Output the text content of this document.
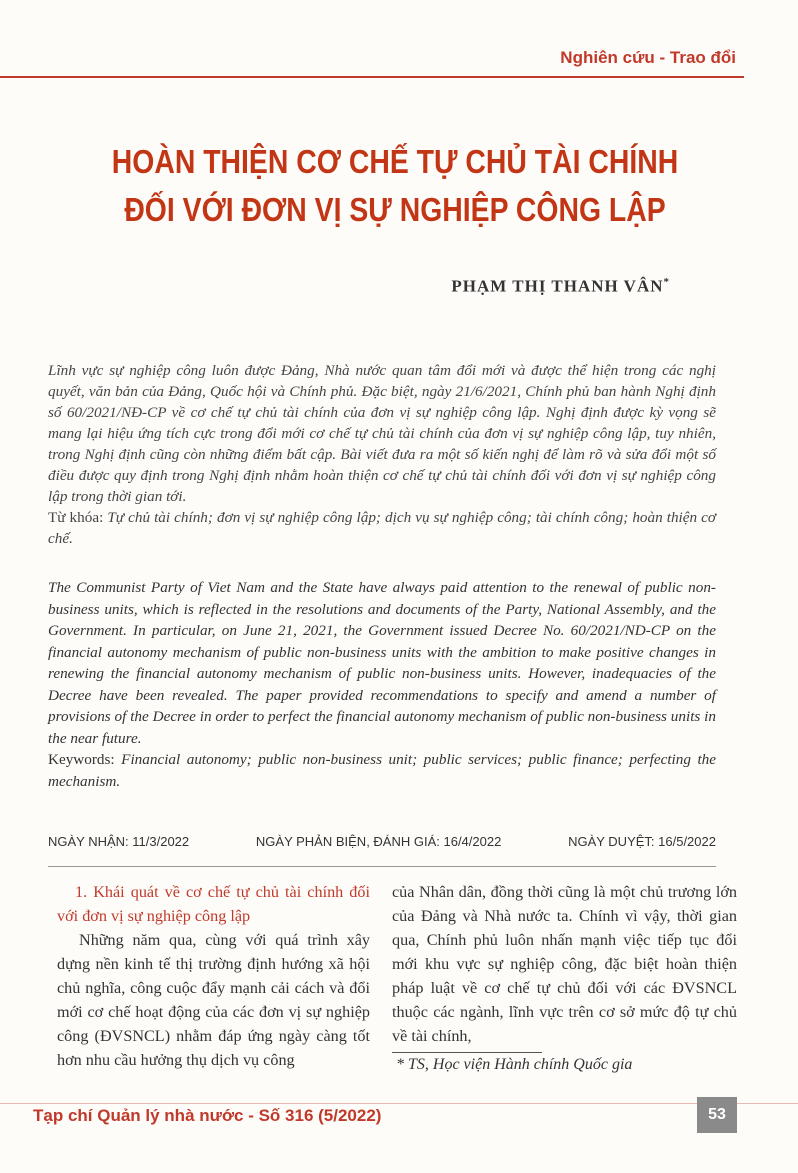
Nghiên cứu - Trao đổi
HOÀN THIỆN CƠ CHẾ TỰ CHỦ TÀI CHÍNH
ĐỐI VỚI ĐƠN VỊ SỰ NGHIỆP CÔNG LẬP
PHẠM THỊ THANH VÂN*

Lĩnh vực sự nghiệp công luôn được Đảng, Nhà nước quan tâm đổi mới và được thể hiện trong các nghị quyết, văn bản của Đảng, Quốc hội và Chính phủ. Đặc biệt, ngày 21/6/2021, Chính phủ ban hành Nghị định số 60/2021/NĐ-CP về cơ chế tự chủ tài chính của đơn vị sự nghiệp công lập. Nghị định được kỳ vọng sẽ mang lại hiệu ứng tích cực trong đổi mới cơ chế tự chủ tài chính của đơn vị sự nghiệp công lập, tuy nhiên, trong Nghị định cũng còn những điểm bất cập. Bài viết đưa ra một số kiến nghị để làm rõ và sửa đổi một số điều được quy định trong Nghị định nhằm hoàn thiện cơ chế tự chủ tài chính đối với đơn vị sự nghiệp công lập trong thời gian tới.

Từ khóa: Tự chủ tài chính; đơn vị sự nghiệp công lập; dịch vụ sự nghiệp công; tài chính công; hoàn thiện cơ chế.

The Communist Party of Viet Nam and the State have always paid attention to the renewal of public non-business units, which is reflected in the resolutions and documents of the Party, National Assembly, and the Government. In particular, on June 21, 2021, the Government issued Decree No. 60/2021/ND-CP on the financial autonomy mechanism of public non-business units with the ambition to make positive changes in renewing the financial autonomy mechanism of public non-business units. However, inadequacies of the Decree have been revealed. The paper provided recommendations to specify and amend a number of provisions of the Decree in order to perfect the financial autonomy mechanism of public non-business units in the near future.

Keywords: Financial autonomy; public non-business unit; public services; public finance; perfecting the mechanism.

NGÀY NHẬN: 11/3/2022	NGÀY PHẢN BIỆN, ĐÁNH GIÁ: 16/4/2022	NGÀY DUYỆT: 16/5/2022

1. Khái quát về cơ chế tự chủ tài chính đối với đơn vị sự nghiệp công lập

Những năm qua, cùng với quá trình xây dựng nền kinh tế thị trường định hướng xã hội chủ nghĩa, công cuộc đẩy mạnh cải cách và đổi mới cơ chế hoạt động của các đơn vị sự nghiệp công (ĐVSNCL) nhằm đáp ứng ngày càng tốt hơn nhu cầu hưởng thụ dịch vụ công

của Nhân dân, đồng thời cũng là một chủ trương lớn của Đảng và Nhà nước ta. Chính vì vậy, thời gian qua, Chính phủ luôn nhấn mạnh việc tiếp tục đổi mới khu vực sự nghiệp công, đặc biệt hoàn thiện pháp luật về cơ chế tự chủ đối với các ĐVSNCL thuộc các ngành, lĩnh vực trên cơ sở mức độ tự chủ về tài chính,

* TS, Học viện Hành chính Quốc gia
Tạp chí Quản lý nhà nước - Số 316 (5/2022)	53
